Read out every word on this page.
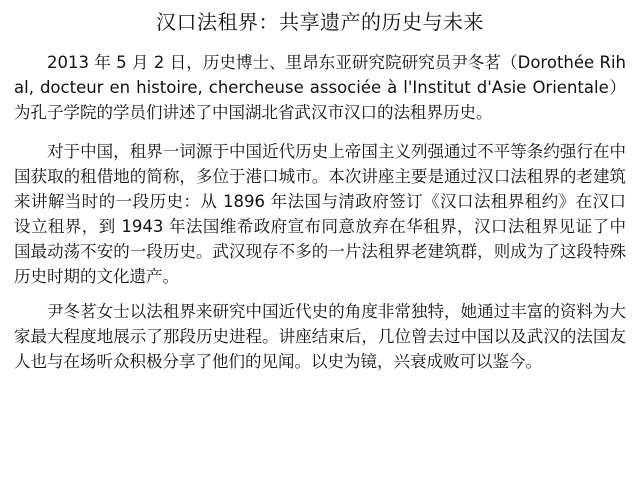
汉口法租界：共享遗产的历史与未来

2013 年 5 月 2 日，历史博士、里昂东亚研究院研究员尹冬茗（Dorothée Rihal, docteur en histoire, chercheuse associée à l'Institut d'Asie Orientale）为孔子学院的学员们讲述了中国湖北省武汉市汉口的法租界历史。

对于中国，租界一词源于中国近代历史上帝国主义列强通过不平等条约强行在中国获取的租借地的简称，多位于港口城市。本次讲座主要是通过汉口法租界的老建筑来讲解当时的一段历史：从 1896 年法国与清政府签订《汉口法租界租约》在汉口设立租界，到 1943 年法国维希政府宣布同意放弃在华租界，汉口法租界见证了中国最动荡不安的一段历史。武汉现存不多的一片法租界老建筑群，则成为了这段特殊历史时期的文化遗产。

尹冬茗女士以法租界来研究中国近代史的角度非常独特，她通过丰富的资料为大家最大程度地展示了那段历史进程。讲座结束后，几位曾去过中国以及武汉的法国友人也与在场听众积极分享了他们的见闻。以史为镜，兴衰成败可以鉴今。
